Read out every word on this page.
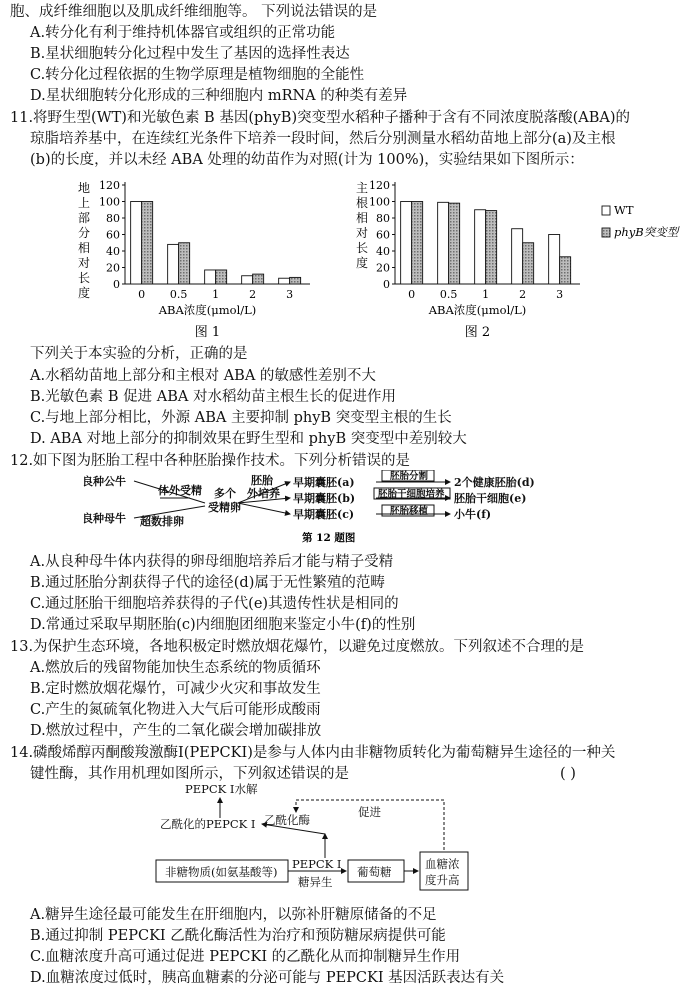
胞、成纤维细胞以及肌成纤维细胞等。 下列说法错误的是
A.转分化有利于维持机体器官或组织的正常功能
B.星状细胞转分化过程中发生了基因的选择性表达
C.转分化过程依据的生物学原理是植物细胞的全能性
D.星状细胞转分化形成的三种细胞内 mRNA 的种类有差异
11.将野生型(WT)和光敏色素 B 基因(phyB)突变型水稻种子播种于含有不同浓度脱落酸(ABA)的
琼脂培养基中，在连续红光条件下培养一段时间，然后分别测量水稻幼苗地上部分(a)及主根
(b)的长度，并以未经 ABA 处理的幼苗作为对照(计为 100%)，实验结果如下图所示：
地
上
部
分
相
对
长
度
0
20
40
60
80
100
120
0 0.5 1	2	3
ABA浓度(μmol/L)
图 1
主
根
相
对
长
度
0
20
40
60
80
100
120
0 0.5 1	2	3
ABA浓度(μmol/L)
图 2
WT
phyB突变型
下列关于本实验的分析，正确的是
A.水稻幼苗地上部分和主根对 ABA 的敏感性差别不大
B.光敏色素 B 促进 ABA 对水稻幼苗主根生长的促进作用
C.与地上部分相比，外源 ABA 主要抑制 phyB 突变型主根的生长
D. ABA 对地上部分的抑制效果在野生型和 phyB 突变型中差别较大
12.如下图为胚胎工程中各种胚胎操作技术。下列分析错误的是
良种公牛
良种母牛
体外受精
超数排卵
多个
受精卵
胚胎
外培养
早期囊胚(a)
早期囊胚(b)
早期囊胚(c)
胚胎分割
胚胎干细胞培养
胚胎移植
2个健康胚胎(d)
胚胎干细胞(e)
小牛(f)
第 12 题图
A.从良种母牛体内获得的卵母细胞培养后才能与精子受精
B.通过胚胎分割获得子代的途径(d)属于无性繁殖的范畴
C.通过胚胎干细胞培养获得的子代(e)其遗传性状是相同的
D.常通过采取早期胚胎(c)内细胞团细胞来鉴定小牛(f)的性别
13.为保护生态环境，各地积极定时燃放烟花爆竹，以避免过度燃放。下列叙述不合理的是
A.燃放后的残留物能加快生态系统的物质循环
B.定时燃放烟花爆竹，可减少火灾和事故发生
C.产生的氮硫氧化物进入大气后可能形成酸雨
D.燃放过程中，产生的二氧化碳会增加碳排放
14.磷酸烯醇丙酮酸羧激酶Ⅰ(PEPCKI)是参与人体内由非糖物质转化为葡萄糖异生途径的一种关
键性酶，其作用机理如图所示，下列叙述错误的是	( )
PEPCK Ⅰ水解
乙酰化的PEPCK Ⅰ 乙酰化酶
促进
非糖物质(如氨基酸等)
PEPCK Ⅰ
糖异生
葡萄糖
血糖浓
度升高
A.糖异生途径最可能发生在肝细胞内，以弥补肝糖原储备的不足
B.通过抑制 PEPCKI 乙酰化酶活性为治疗和预防糖尿病提供可能
C.血糖浓度升高可通过促进 PEPCKI 的乙酰化从而抑制糖异生作用
D.血糖浓度过低时，胰高血糖素的分泌可能与 PEPCKI 基因活跃表达有关
